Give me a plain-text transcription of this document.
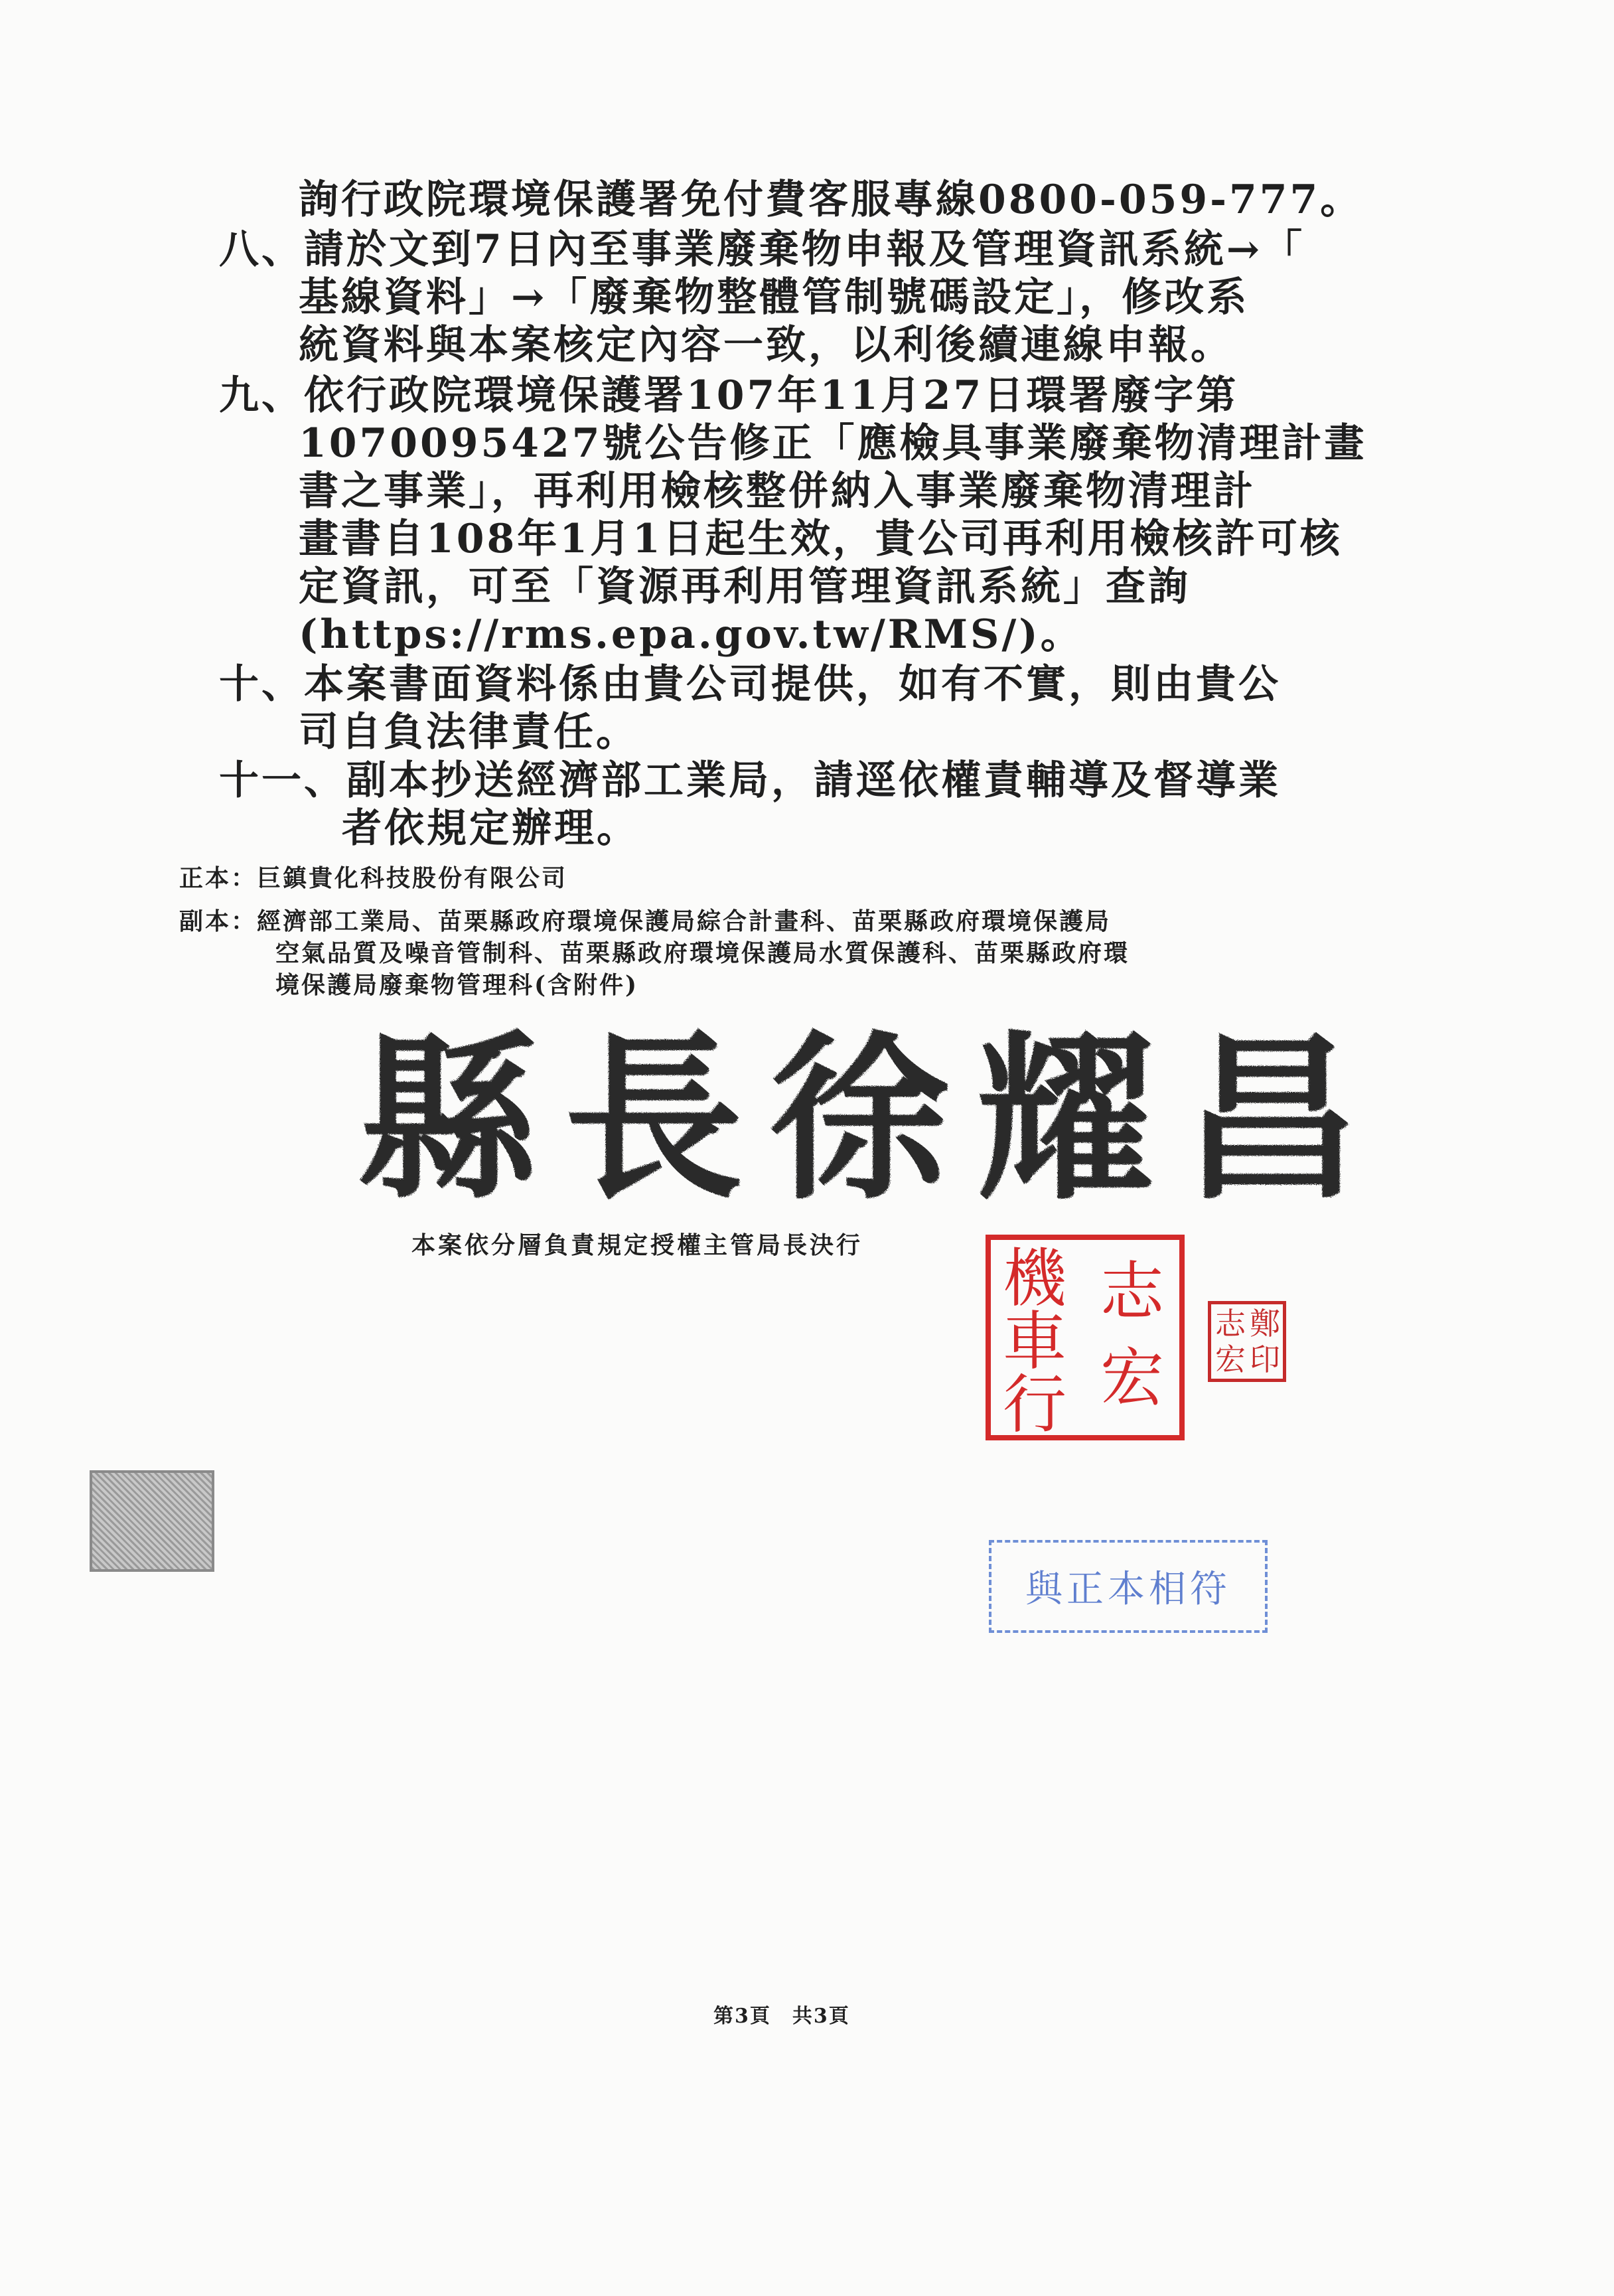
詢行政院環境保護署免付費客服專線0800-059-777。
八、請於文到7日內至事業廢棄物申報及管理資訊系統→「
基線資料」→「廢棄物整體管制號碼設定」，修改系
統資料與本案核定內容一致，以利後續連線申報。
九、依行政院環境保護署107年11月27日環署廢字第
1070095427號公告修正「應檢具事業廢棄物清理計畫
書之事業」，再利用檢核整併納入事業廢棄物清理計
畫書自108年1月1日起生效，貴公司再利用檢核許可核
定資訊，可至「資源再利用管理資訊系統」查詢
(https://rms.epa.gov.tw/RMS/)。
十、本案書面資料係由貴公司提供，如有不實，則由貴公
司自負法律責任。
十一、副本抄送經濟部工業局，請逕依權責輔導及督導業
者依規定辦理。
正本：巨鎮貴化科技股份有限公司
副本：經濟部工業局、苗栗縣政府環境保護局綜合計畫科、苗栗縣政府環境保護局
空氣品質及噪音管制科、苗栗縣政府環境保護局水質保護科、苗栗縣政府環
境保護局廢棄物管理科(含附件)
縣長徐耀昌
本案依分層負責規定授權主管局長決行 機
車
行
志
宏
志 鄭
宏 印
與正本相符
第3頁　共3頁
